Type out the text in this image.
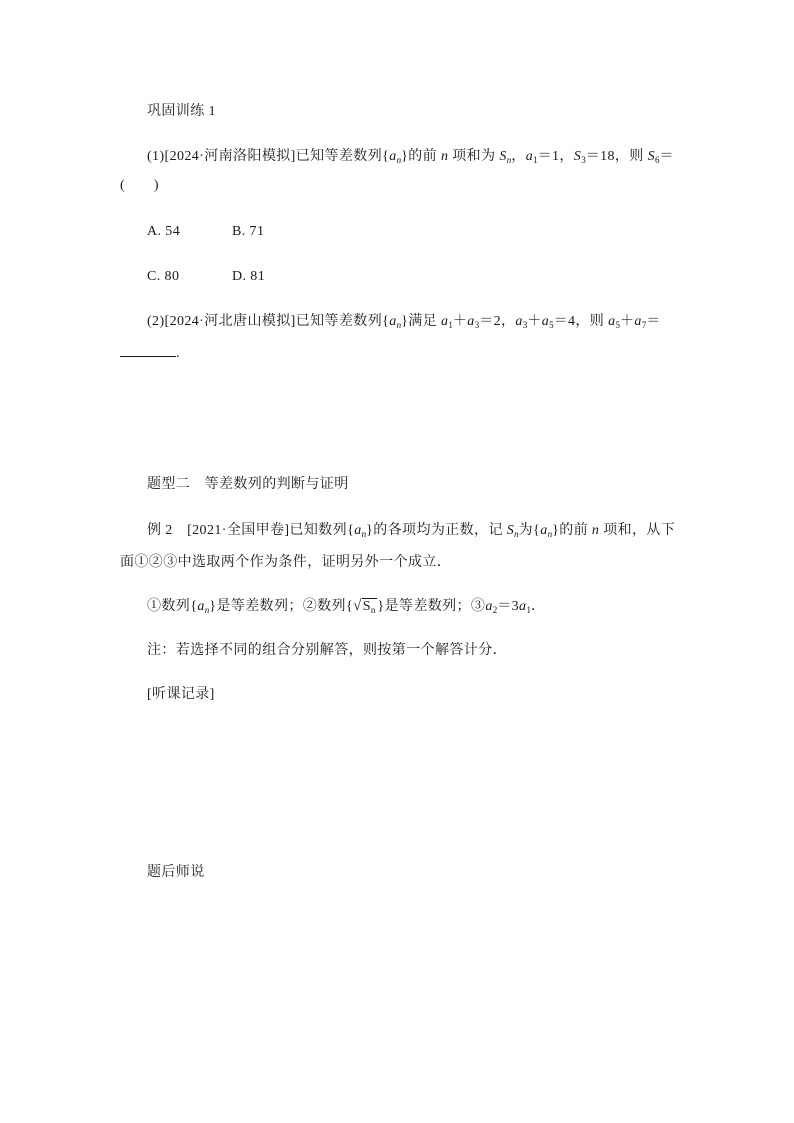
巩固训练 1
(1)[2024·河南洛阳模拟]已知等差数列$\{a_n\}$的前 n 项和为 $S_n$，$a_1=1$，$S_3=18$，则 $S_6=$
(　　)
A. 54	B. 71
C. 80	D. 81
(2)[2024·河北唐山模拟]已知等差数列$\{a_n\}$满足 $a_1+a_3=2$，$a_3+a_5=4$，则 $a_5+a_7=$
.
题型二　等差数列的判断与证明
例 2　[2021·全国甲卷]已知数列$\{a_n\}$的各项均为正数，记 $S_n$为$\{a_n\}$的前 n 项和，从下
面①②③中选取两个作为条件，证明另外一个成立．
①数列$\{a_n\}$是等差数列；②数列{$√S_n$ }是等差数列；$③a_2=3a_1$．
注：若选择不同的组合分别解答，则按第一个解答计分．
[听课记录]
题后师说
